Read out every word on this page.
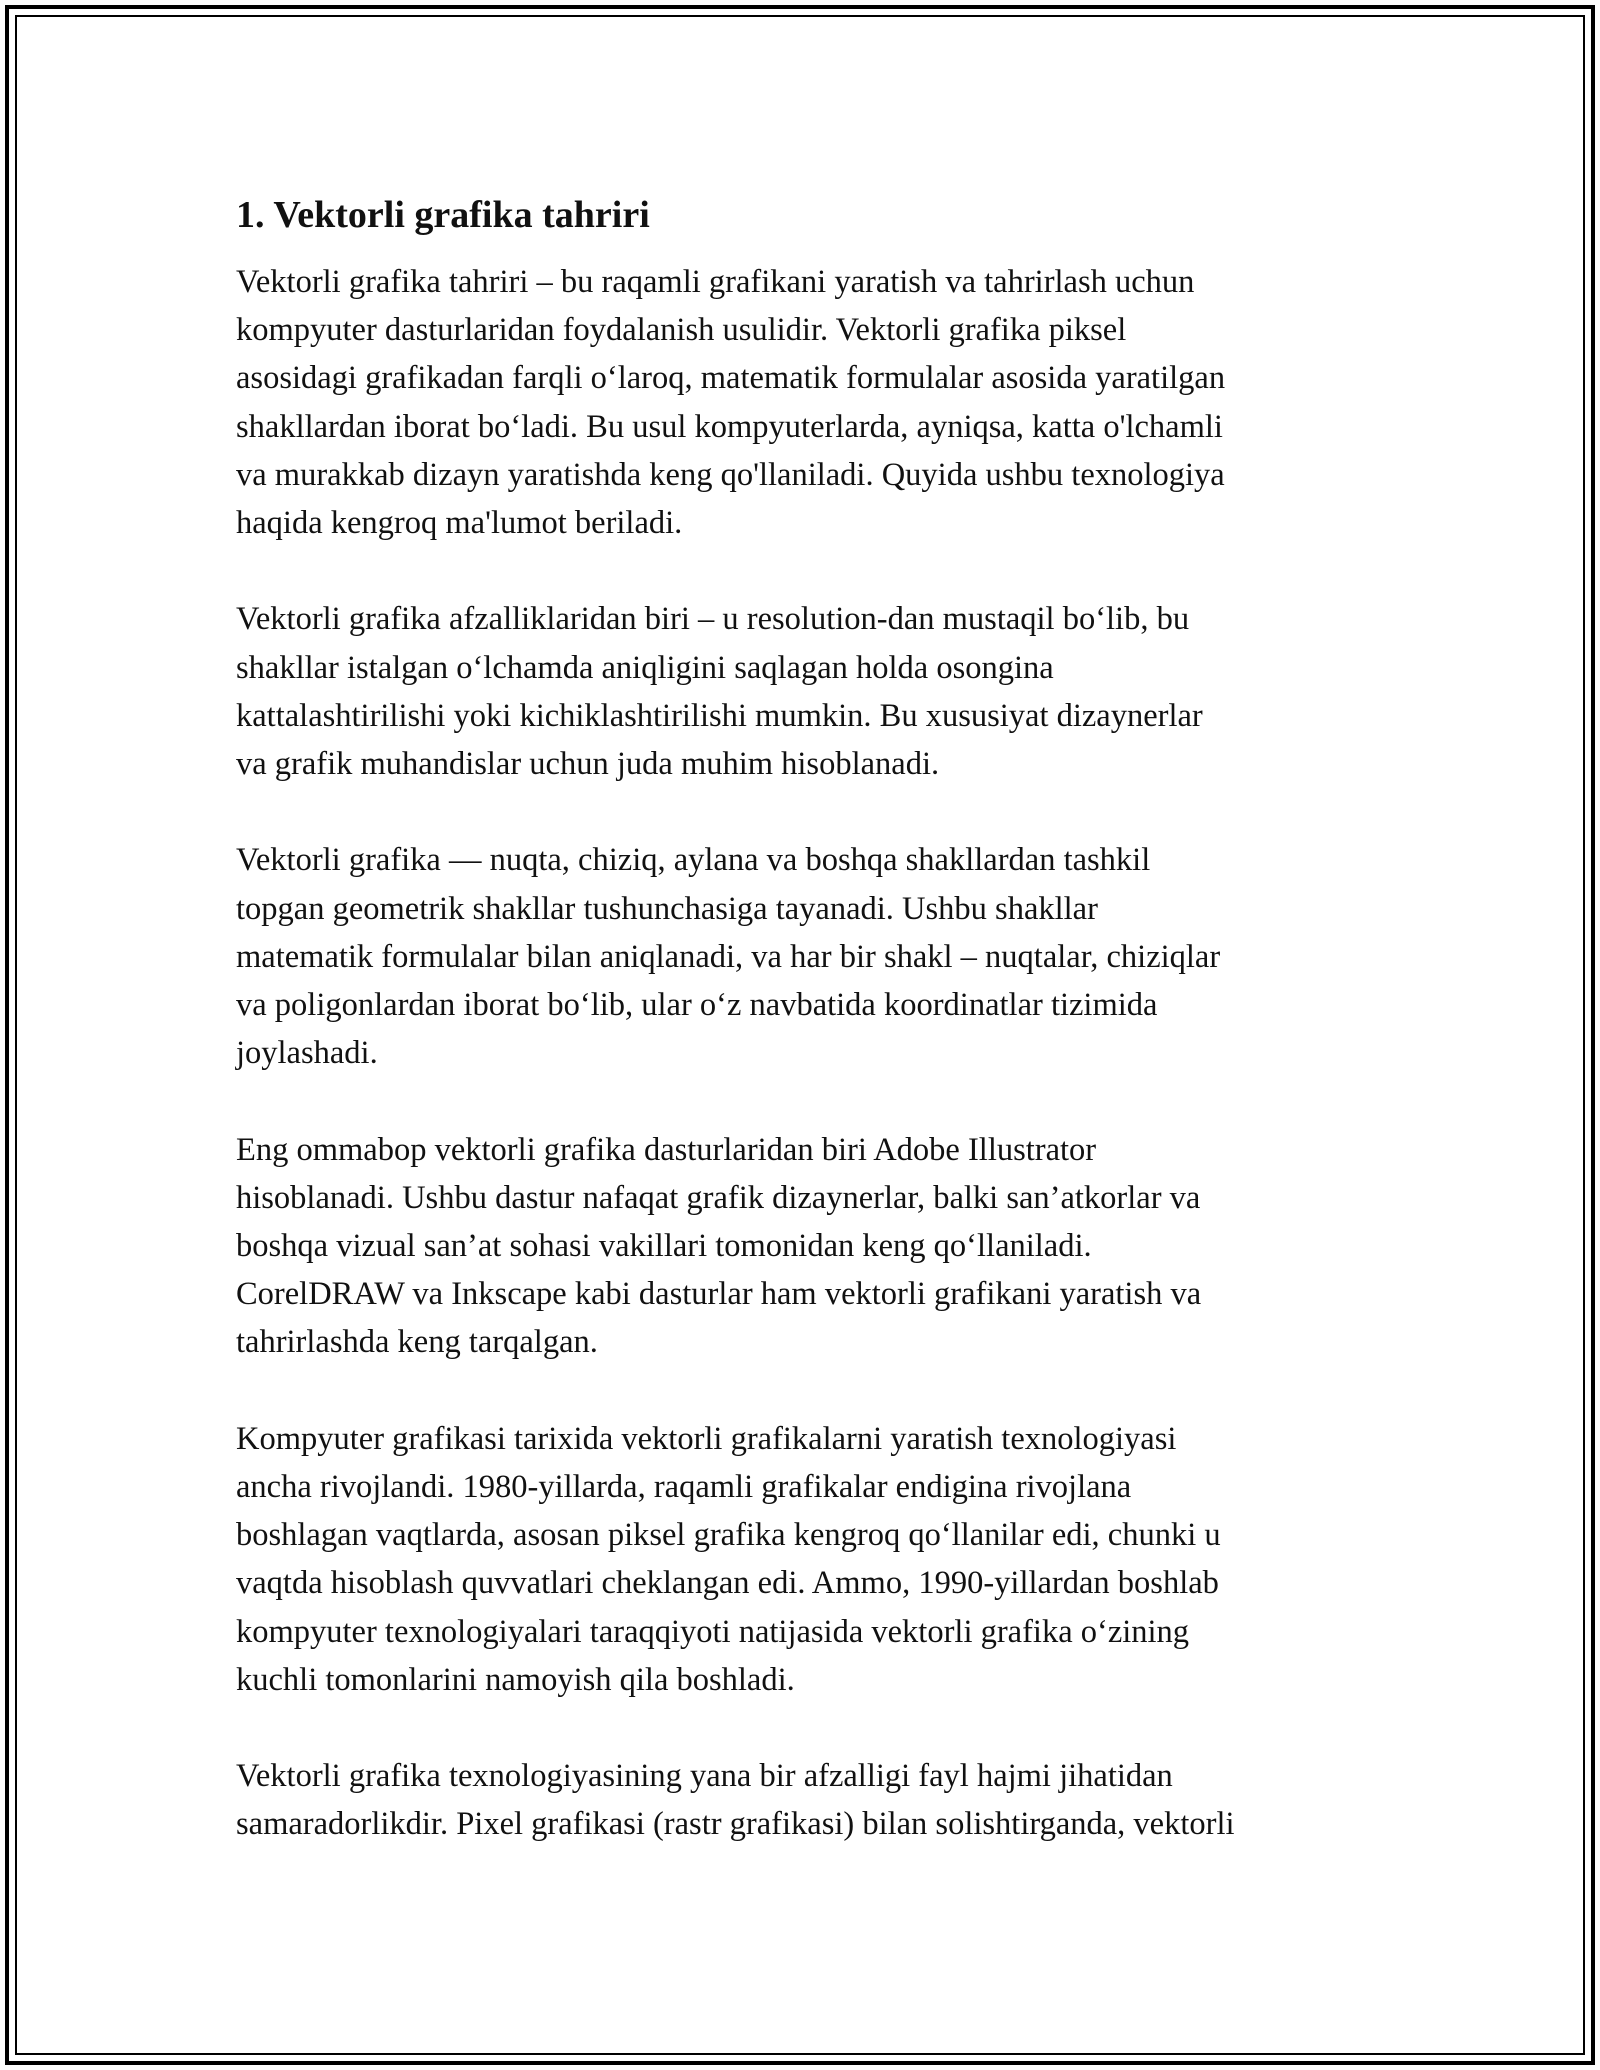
1. Vektorli grafika tahriri

Vektorli grafika tahriri – bu raqamli grafikani yaratish va tahrirlash uchun
kompyuter dasturlaridan foydalanish usulidir. Vektorli grafika piksel
asosidagi grafikadan farqli o‘laroq, matematik formulalar asosida yaratilgan
shakllardan iborat bo‘ladi. Bu usul kompyuterlarda, ayniqsa, katta o'lchamli
va murakkab dizayn yaratishda keng qo'llaniladi. Quyida ushbu texnologiya
haqida kengroq ma'lumot beriladi.

Vektorli grafika afzalliklaridan biri – u resolution-dan mustaqil bo‘lib, bu
shakllar istalgan o‘lchamda aniqligini saqlagan holda osongina
kattalashtirilishi yoki kichiklashtirilishi mumkin. Bu xususiyat dizaynerlar
va grafik muhandislar uchun juda muhim hisoblanadi.

Vektorli grafika — nuqta, chiziq, aylana va boshqa shakllardan tashkil
topgan geometrik shakllar tushunchasiga tayanadi. Ushbu shakllar
matematik formulalar bilan aniqlanadi, va har bir shakl – nuqtalar, chiziqlar
va poligonlardan iborat bo‘lib, ular o‘z navbatida koordinatlar tizimida
joylashadi.

Eng ommabop vektorli grafika dasturlaridan biri Adobe Illustrator
hisoblanadi. Ushbu dastur nafaqat grafik dizaynerlar, balki san’atkorlar va
boshqa vizual san’at sohasi vakillari tomonidan keng qo‘llaniladi.
CorelDRAW va Inkscape kabi dasturlar ham vektorli grafikani yaratish va
tahrirlashda keng tarqalgan.

Kompyuter grafikasi tarixida vektorli grafikalarni yaratish texnologiyasi
ancha rivojlandi. 1980-yillarda, raqamli grafikalar endigina rivojlana
boshlagan vaqtlarda, asosan piksel grafika kengroq qo‘llanilar edi, chunki u
vaqtda hisoblash quvvatlari cheklangan edi. Ammo, 1990-yillardan boshlab
kompyuter texnologiyalari taraqqiyoti natijasida vektorli grafika o‘zining
kuchli tomonlarini namoyish qila boshladi.

Vektorli grafika texnologiyasining yana bir afzalligi fayl hajmi jihatidan
samaradorlikdir. Pixel grafikasi (rastr grafikasi) bilan solishtirganda, vektorli
